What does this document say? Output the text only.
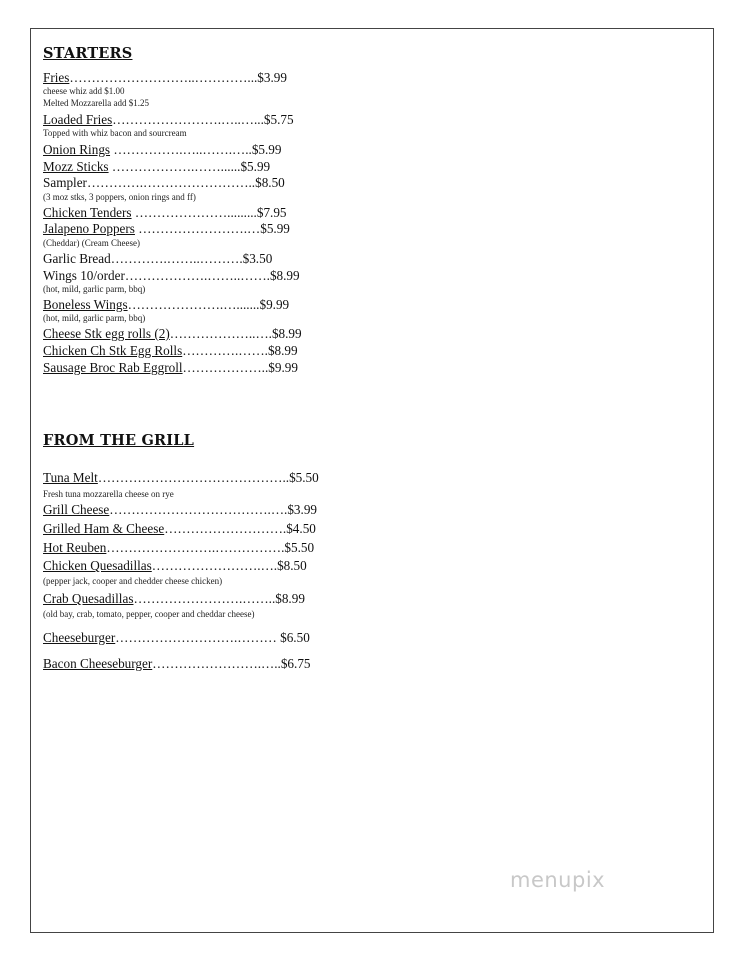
STARTERS
Fries………………………..…………...$3.99
cheese whiz add $1.00
Melted Mozzarella add $1.25
Loaded Fries…………………….…..…...$5.75
Topped with whiz bacon and sourcream
Onion Rings …………….…..…….…..$5.99
Mozz Sticks ……………….……......$5.99
Sampler………….……………………..$8.50
(3 moz stks, 3 poppers, onion rings and ff)
Chicken Tenders ………………….........$7.95
Jalapeno Poppers …………………….…$5.99
(Cheddar) (Cream Cheese)
Garlic Bread………….……..……….$3.50
Wings 10/order……………….……..…….$8.99
(hot, mild, garlic parm, bbq)
Boneless Wings………………….….......$9.99
(hot, mild, garlic parm, bbq)
Cheese Stk egg rolls (2)………………..….$8.99
Chicken Ch Stk Egg Rolls………….…….$8.99
Sausage Broc Rab Eggroll………………..$9.99
FROM THE GRILL
Tuna Melt……………………………………..$5.50
Fresh tuna mozzarella cheese on rye
Grill Cheese……………………………….….$3.99
Grilled Ham & Cheese……………………….$4.50
Hot Reuben…………………….…………….$5.50
Chicken Quesadillas…………………….….$8.50
(pepper jack, cooper and chedder cheese chicken)
Crab Quesadillas…………………….……..$8.99
(old bay, crab, tomato, pepper, cooper and cheddar cheese)
Cheeseburger……………………….……… $6.50
Bacon Cheeseburger…………………….…..$6.75
menupix
